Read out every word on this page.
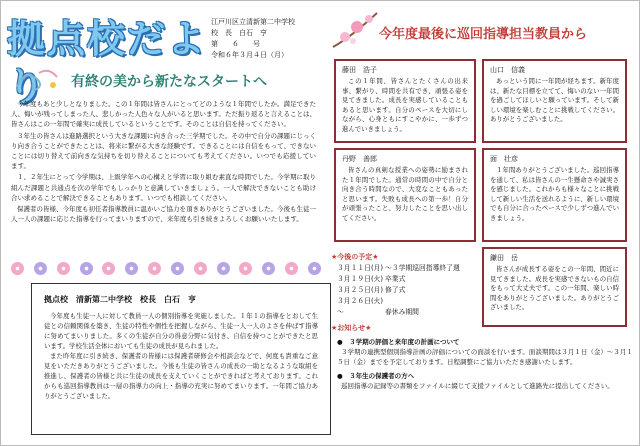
拠点校だより
江戸川区立清新第二中学校
校　長　白石　亨
第　　６　　号
令和６年３月４日（月）
有終の美から新たなスタートへ

今年度もあと少しとなりました。この１年間は皆さんにとってどのような１年間でしたか。満足できた人、悔いが残ってしまった人、悲しかった人色々な人がいると思います。ただ振り返ると言えることは、皆さんはこの一年間で確実に成長しているということです。そのことは自信を持ってください。

３年生の皆さんは進路選択という大きな課題に向き合った三学期でした。その中で自分の課題にじっくり向き合うことができたことは、将来に繋がる大きな経験です。できることには自信をもって、できないことには切り替えて前向きな気持ちを切り替えることについても考えてください。いつでも応援しています。

１、２年生にとって今学期は、上級学年への心構えと学習に取り組む素直な時間でした。今学期に取り組んだ課題と共通点を次の学年でもしっかりと意識していきましょう。一人で解決できないことも助け合い求めることで解決できることもあります。いつでも相談してください。

保護者の皆様、今年度も初任者指導教員に温かいご協力を頂きありがとうございました。今後も生徒一人一人の課題に応じた指導を行ってまいりますので、来年度も引き続きよろしくお願いいたします。

拠点校　清新第二中学校　校長　白石　亨

今年度も生徒一人に対して教員一人の個別指導を実施しました。１年１の指導をとおして生徒との信頼関係を築き、生徒の特性や個性を把握しながら、生徒一人一人のよさを伸ばす指導に努めてまいりました。多くの生徒が自分の得意分野に気付き、自信を持つことができたと思います。学校生活全体においても生徒の成長が見られました。

また昨年度に引き続き、保護者の皆様には保護者研修会や相談会などで、何度も貴重なご意見をいただきありがとうございました。今後も生徒の皆さんの成長の一助となるような取組を推進し、保護者の皆様と共に生徒の成長を支えていくことができればと考えております。これからも巡回指導教員は一層の指導力の向上・指導の充実に努めてまいります。一年間ご協力ありがとうございました。

今年度最後に巡回指導担当教員から
藤田　浩子
この１年間、皆さんとたくさんの出来事、繋がり、時間を共有でき、頑張る姿を見てきました。成長を実感していることもあると思います。自分のペースを大切にしながら、心身ともにすこやかに、一歩ずつ進んでいきましょう。
山口　信義
あっという間に一年間が経ちます。新年度は、新たな目標を立てて、悔いのない一年間を過ごしてほしいと願っています。そして新しい環境を楽しむことに挑戦してください。ありがとうございました。
丹野　善郎
皆さんの真剣な授業への姿勢に励まされた１年間でした。通常の時間の中で自分と向き合う時間なので、大変なこともあったと思います。失敗も成長への第一歩！自分が頑張ったこと、努力したことを思い出してください。
面　壮彦
１年間ありがとうございました。巡回指導を通して、私は皆さんの一生懸命さや誠実さを感じました。これからも様々なことに挑戦して新しい生活を送れるように、新しい環境でも自分に合ったペースで少しずつ進んでいきましょう。
鎌田　岳
皆さんが成長する姿をこの一年間、間近に見てきました。成長を実感できないもの自信をもって大丈夫です。この一年間、楽しい時間をありがとうございました。ありがとうございました。
★今後の予定★
３月１１日(月) ～３学期巡回指導終了週
３月１９日(火) 卒業式
３月２５日(月) 修了式
３月２６日(火)～	春休み期間
★お知らせ★
●　３学期の評価と来年度の計画について
３学期の連携型個別指導計画の評価についての面談を行います。面談期間は３月１日（金）～３月１５日（金）までを予定しております。日程調整にご協力いただき感謝いたします。
●　３年生の保護者の方へ
巡回指導の記録等の書類をファイルに綴じて支援ファイルとして進路先に提出してください。
